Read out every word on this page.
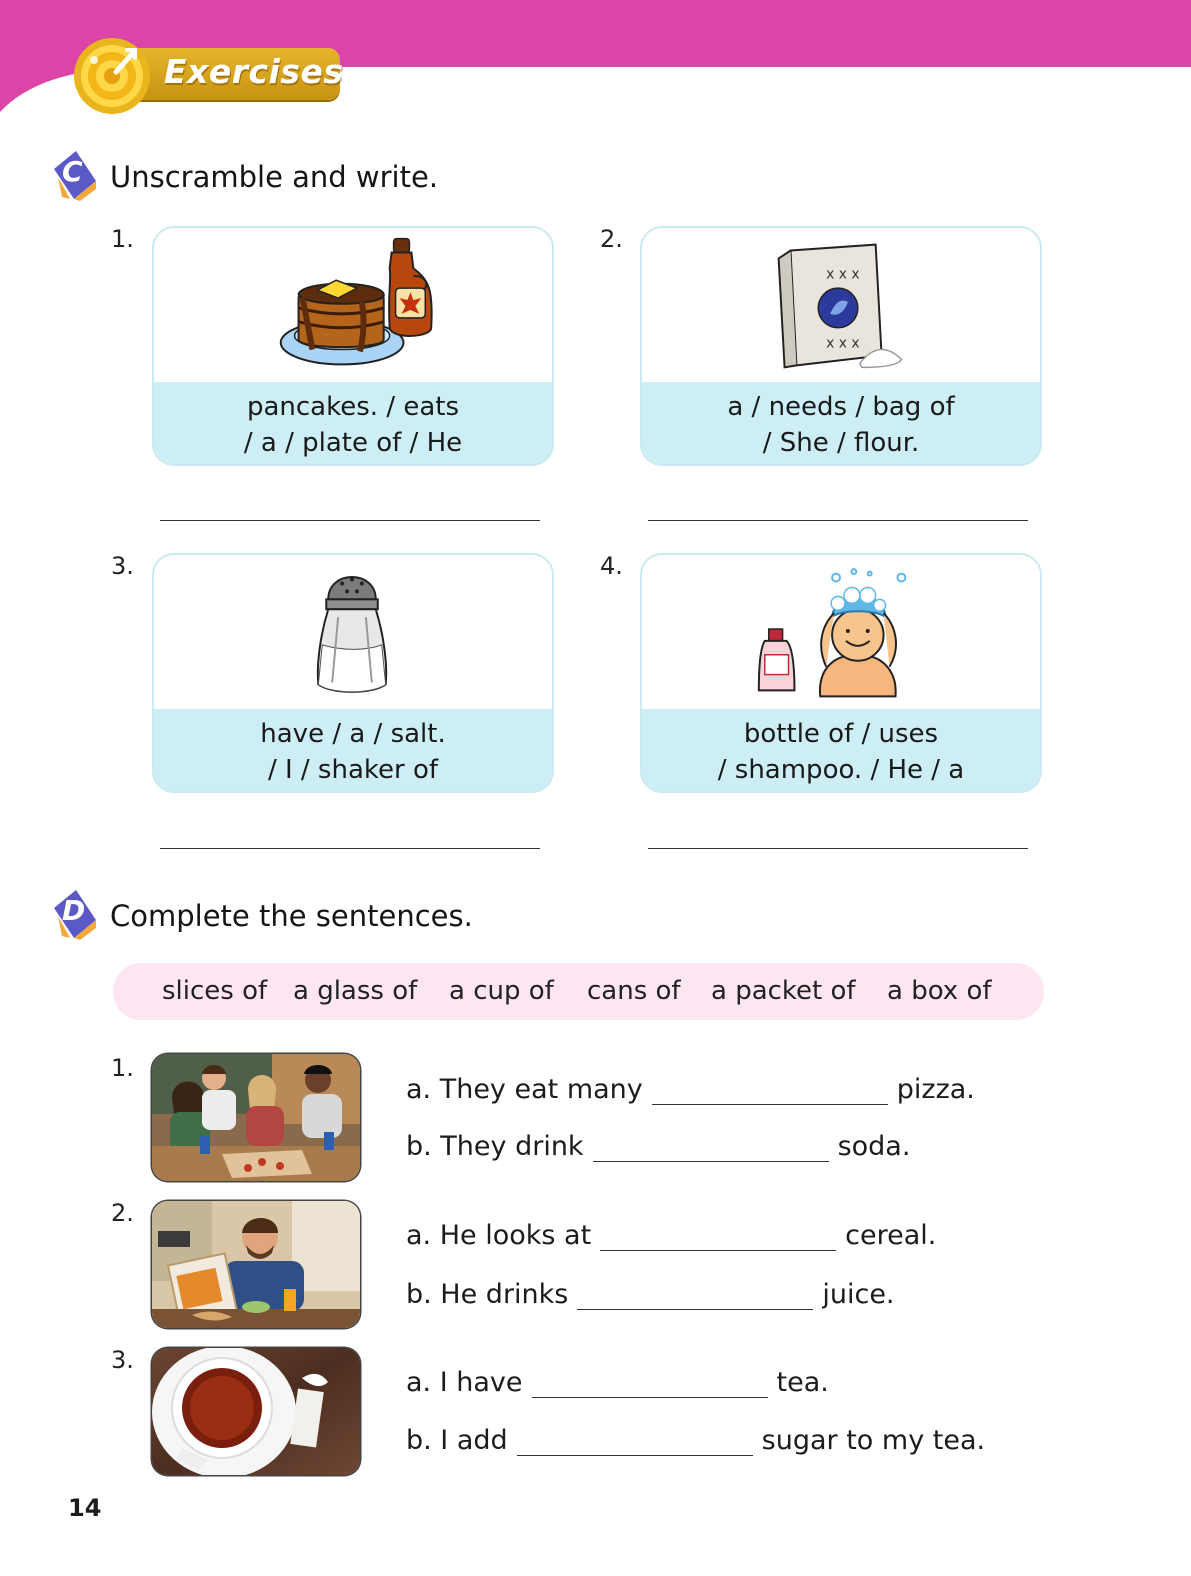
Exercises
C Unscramble and write.
1.
pancakes. / eats
/ a / plate of / He
2.
x x x
x x x
a / needs / bag of
/ She / flour.
3.
have / a / salt.
/ I / shaker of
4.
bottle of / uses
/ shampoo. / He / a
D Complete the sentences.
slices of a glass of a cup of cans of a packet of a box of
1.
a. They eat many	pizza.
b. They drink	soda.
2.
a. He looks at	cereal.
b. He drinks	juice.
3.
a. I have	tea.
b. I add	sugar to my tea.
14
